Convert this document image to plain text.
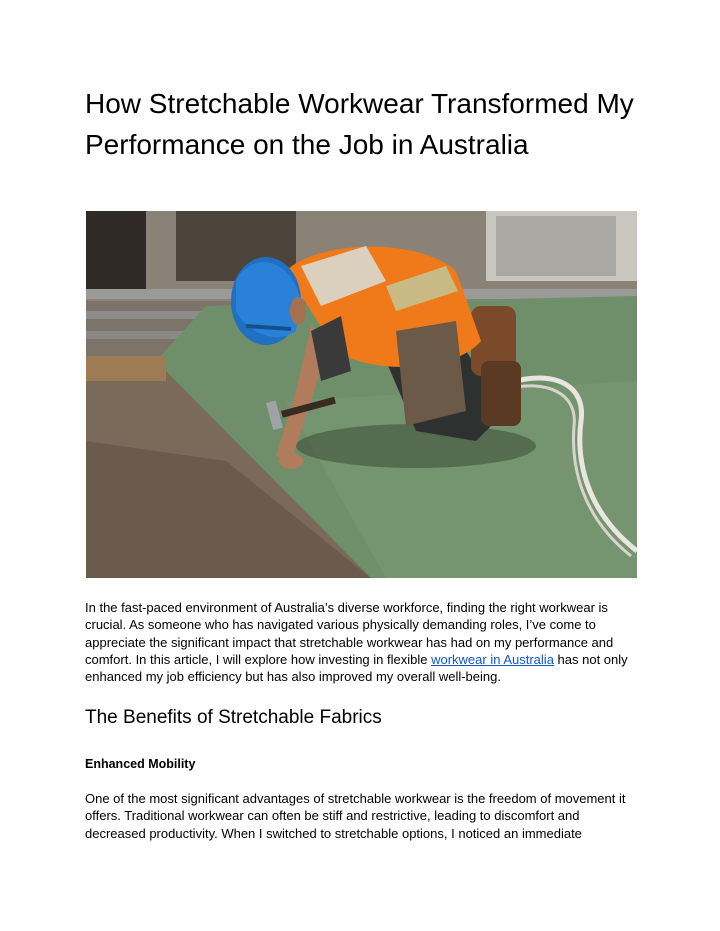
How Stretchable Workwear Transformed My Performance on the Job in Australia

In the fast-paced environment of Australia’s diverse workforce, finding the right workwear is crucial. As someone who has navigated various physically demanding roles, I’ve come to appreciate the significant impact that stretchable workwear has had on my performance and comfort. In this article, I will explore how investing in flexible workwear in Australia has not only enhanced my job efficiency but has also improved my overall well-being.

The Benefits of Stretchable Fabrics
Enhanced Mobility

One of the most significant advantages of stretchable workwear is the freedom of movement it offers. Traditional workwear can often be stiff and restrictive, leading to discomfort and decreased productivity. When I switched to stretchable options, I noticed an immediate
